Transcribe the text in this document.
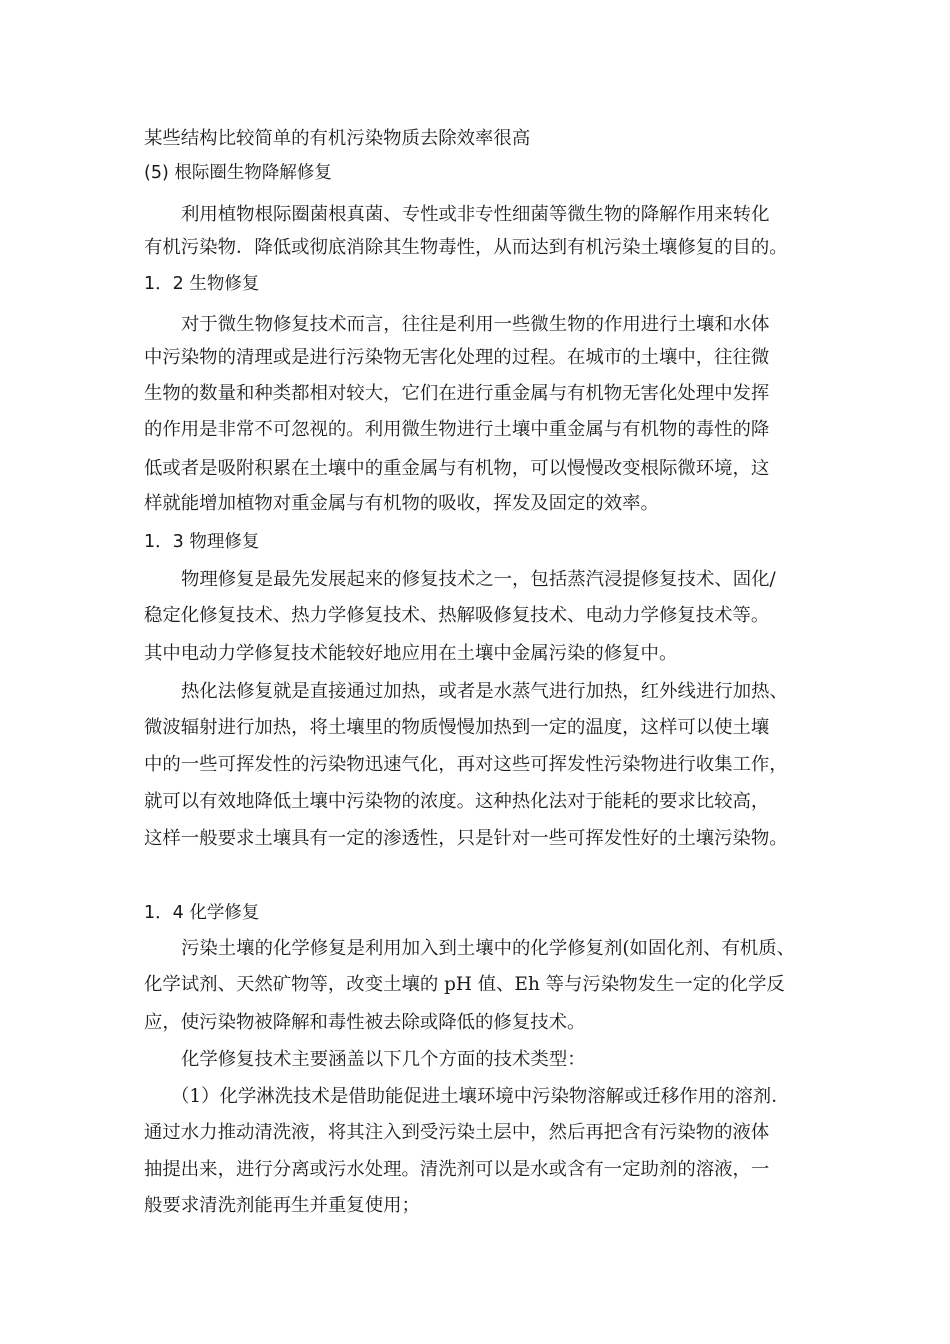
某些结构比较简单的有机污染物质去除效率很高

(5) 根际圈生物降解修复

利用植物根际圈菌根真菌、专性或非专性细菌等微生物的降解作用来转化

有机污染物．降低或彻底消除其生物毒性，从而达到有机污染土壤修复的目的。

1．2 生物修复

对于微生物修复技术而言，往往是利用一些微生物的作用进行土壤和水体

中污染物的清理或是进行污染物无害化处理的过程。在城市的土壤中，往往微

生物的数量和种类都相对较大，它们在进行重金属与有机物无害化处理中发挥

的作用是非常不可忽视的。利用微生物进行土壤中重金属与有机物的毒性的降

低或者是吸附积累在土壤中的重金属与有机物，可以慢慢改变根际微环境，这

样就能增加植物对重金属与有机物的吸收，挥发及固定的效率。

1．3 物理修复

物理修复是最先发展起来的修复技术之一，包括蒸汽浸提修复技术、固化/

稳定化修复技术、热力学修复技术、热解吸修复技术、电动力学修复技术等。

其中电动力学修复技术能较好地应用在土壤中金属污染的修复中。

热化法修复就是直接通过加热，或者是水蒸气进行加热，红外线进行加热、

微波辐射进行加热，将土壤里的物质慢慢加热到一定的温度，这样可以使土壤

中的一些可挥发性的污染物迅速气化，再对这些可挥发性污染物进行收集工作，

就可以有效地降低土壤中污染物的浓度。这种热化法对于能耗的要求比较高，

这样一般要求土壤具有一定的渗透性，只是针对一些可挥发性好的土壤污染物。

1．4 化学修复

污染土壤的化学修复是利用加入到土壤中的化学修复剂(如固化剂、有机质、

化学试剂、天然矿物等，改变土壤的 pH 值、Eh 等与污染物发生一定的化学反

应，使污染物被降解和毒性被去除或降低的修复技术。

化学修复技术主要涵盖以下几个方面的技术类型：

（1）化学淋洗技术是借助能促进土壤环境中污染物溶解或迁移作用的溶剂．

通过水力推动清洗液，将其注入到受污染土层中，然后再把含有污染物的液体

抽提出来，进行分离或污水处理。清洗剂可以是水或含有一定助剂的溶液，一

般要求清洗剂能再生并重复使用；
